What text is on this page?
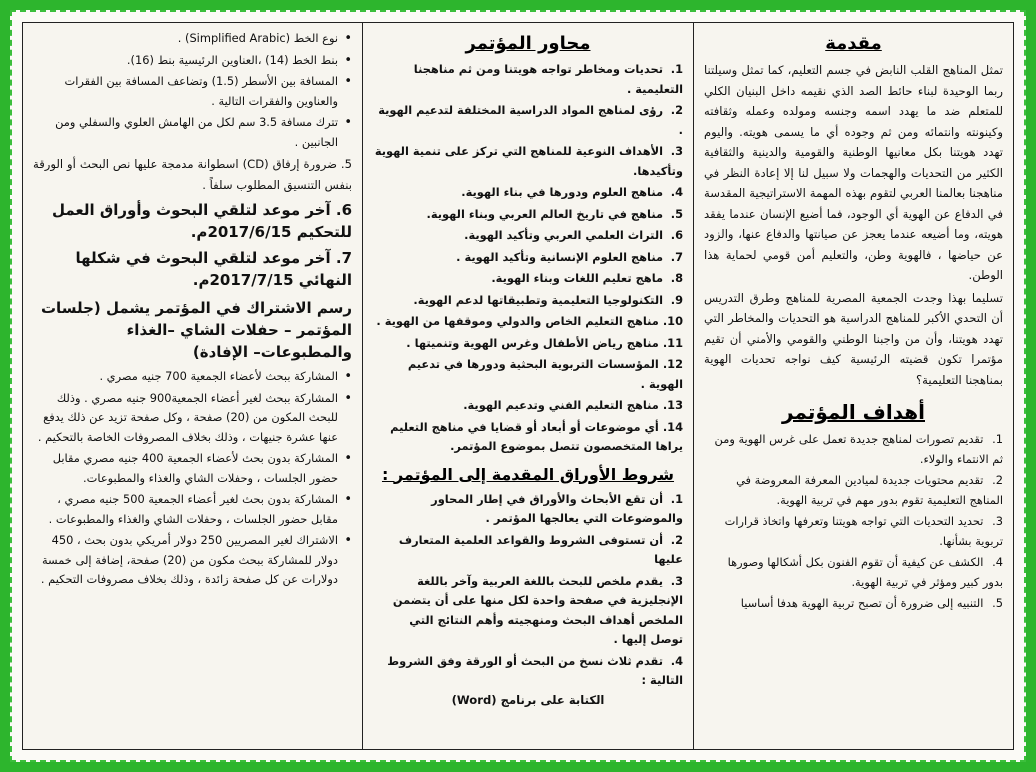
مقدمة

تمثل المناهج القلب النابض في جسم التعليم، كما تمثل وسيلتنا ربما الوحيدة لبناء حائط الصد الذي نقيمه داخل البنيان الكلي للمتعلم ضد ما يهدد اسمه وجنسه ومولده وعمله وثقافته وكينونته وانتمائه ومن ثم وجوده أي ما يسمى هويته. واليوم تهدد هويتنا بكل معانيها الوطنية والقومية والدينية والثقافية الكثير من التحديات والهجمات ولا سبيل لنا إلا إعادة النظر في مناهجنا بعالمنا العربي لتقوم بهذه المهمة الاستراتيجية المقدسة في الدفاع عن الهوية أي الوجود، فما أضيع الإنسان عندما يفقد هويته، وما أضيعه عندما يعجز عن صيانتها والدفاع عنها، والزود عن حياضها ، فالهوية وطن، والتعليم أمن قومي لحماية هذا الوطن.

تسليما بهذا وجدت الجمعية المصرية للمناهج وطرق التدريس أن التحدي الأكبر للمناهج الدراسية هو التحديات والمخاطر التي تهدد هويتنا، وأن من واجبنا الوطني والقومي والأمني أن تقيم مؤتمرا تكون قضيته الرئيسية كيف نواجه تحديات الهوية بمناهجنا التعليمية؟

أهداف المؤتمر
1. تقديم تصورات لمناهج جديدة تعمل على غرس الهوية ومن ثم الانتماء والولاء.
2. تقديم محتويات جديدة لميادين المعرفة المعروضة في المناهج التعليمية تقوم بدور مهم في تربية الهوية.
3. تحديد التحديات التي تواجه هويتنا وتعرفها واتخاذ قرارات تربوية بشأنها.
4. الكشف عن كيفية أن تقوم الفنون بكل أشكالها وصورها بدور كبير ومؤثر في تربية الهوية.
5. التنبيه إلى ضرورة أن تصبح تربية الهوية هدفا أساسيا
محاور المؤتمر
1. تحديات ومخاطر تواجه هويتنا ومن ثم مناهجنا التعليمية .
2. رؤى لمناهج المواد الدراسية المختلفة لتدعيم الهوية .
3. الأهداف النوعية للمناهج التي تركز على تنمية الهوية وتأكيدها.
4. مناهج العلوم ودورها في بناء الهوية.
5. مناهج في تاريخ العالم العربي وبناء الهوية.
6. التراث العلمي العربي وتأكيد الهوية.
7. مناهج العلوم الإنسانية وتأكيد الهوية .
8. ماهج تعليم اللغات وبناء الهوية.
9. التكنولوجيا التعليمية وتطبيقاتها لدعم الهوية.
10. مناهج التعليم الخاص والدولي وموقفها من الهوية .
11. مناهج رياض الأطفال وغرس الهوية وتنميتها .
12. المؤسسات التربوية البحثية ودورها في تدعيم الهوية .
13. مناهج التعليم الفني وتدعيم الهوية.
14. أي موضوعات أو أبعاد أو قضايا في مناهج التعليم يراها المتخصصون تتصل بموضوع المؤتمر.
شروط الأوراق المقدمة إلى المؤتمر :
1. أن تقع الأبحاث والأوراق في إطار المحاور والموضوعات التي يعالجها المؤتمر .
2. أن تستوفى الشروط والقواعد العلمية المتعارف عليها
3. يقدم ملخص للبحث باللغة العربية وآخر باللغة الإنجليزية في صفحة واحدة لكل منها على أن يتضمن الملخص أهداف البحث ومنهجيته وأهم النتائج التي توصل إليها .
4. تقدم ثلاث نسخ من البحث أو الورقة وفق الشروط التالية :
الكتابة على برنامج (Word)
• نوع الخط (Simplified Arabic) .
• بنط الخط (14) ،العناوين الرئيسية بنط (16).
• المسافة بين الأسطر (1.5) وتضاعف المسافة بين الفقرات والعناوين والفقرات التالية .
• تترك مسافة 3.5 سم لكل من الهامش العلوي والسفلي ومن الجانبين .

5. ضرورة إرفاق (CD) اسطوانة مدمجة عليها نص البحث أو الورقة بنفس التنسيق المطلوب سلفاً .

6. آخر موعد لتلقي البحوث وأوراق العمل للتحكيم 2017/6/15م.

7. آخر موعد لتلقي البحوث في شكلها النهائي 2017/7/15م.

رسم الاشتراك في المؤتمر يشمل (جلسات المؤتمر – حفلات الشاي –الغذاء والمطبوعات– الإفادة)

• المشاركة ببحث لأعضاء الجمعية 700 جنيه مصري .
• المشاركة ببحث لغير أعضاء الجمعية900 جنيه مصري . وذلك للبحث المكون من (20) صفحة ، وكل صفحة تزيد عن ذلك يدفع عنها عشرة جنيهات ، وذلك بخلاف المصروفات الخاصة بالتحكيم .
• المشاركة بدون بحث لأعضاء الجمعية 400 جنيه مصري مقابل حضور الجلسات ، وحفلات الشاي والغذاء والمطبوعات.
• المشاركة بدون بحث لغير أعضاء الجمعية 500 جنيه مصري ، مقابل حضور الجلسات ، وحفلات الشاي والغذاء والمطبوعات .
• الاشتراك لغير المصريين 250 دولار أمريكي بدون بحث ، 450 دولار للمشاركة ببحث مكون من (20) صفحة، إضافة إلى خمسة دولارات عن كل صفحة زائدة ، وذلك بخلاف مصروفات التحكيم .
